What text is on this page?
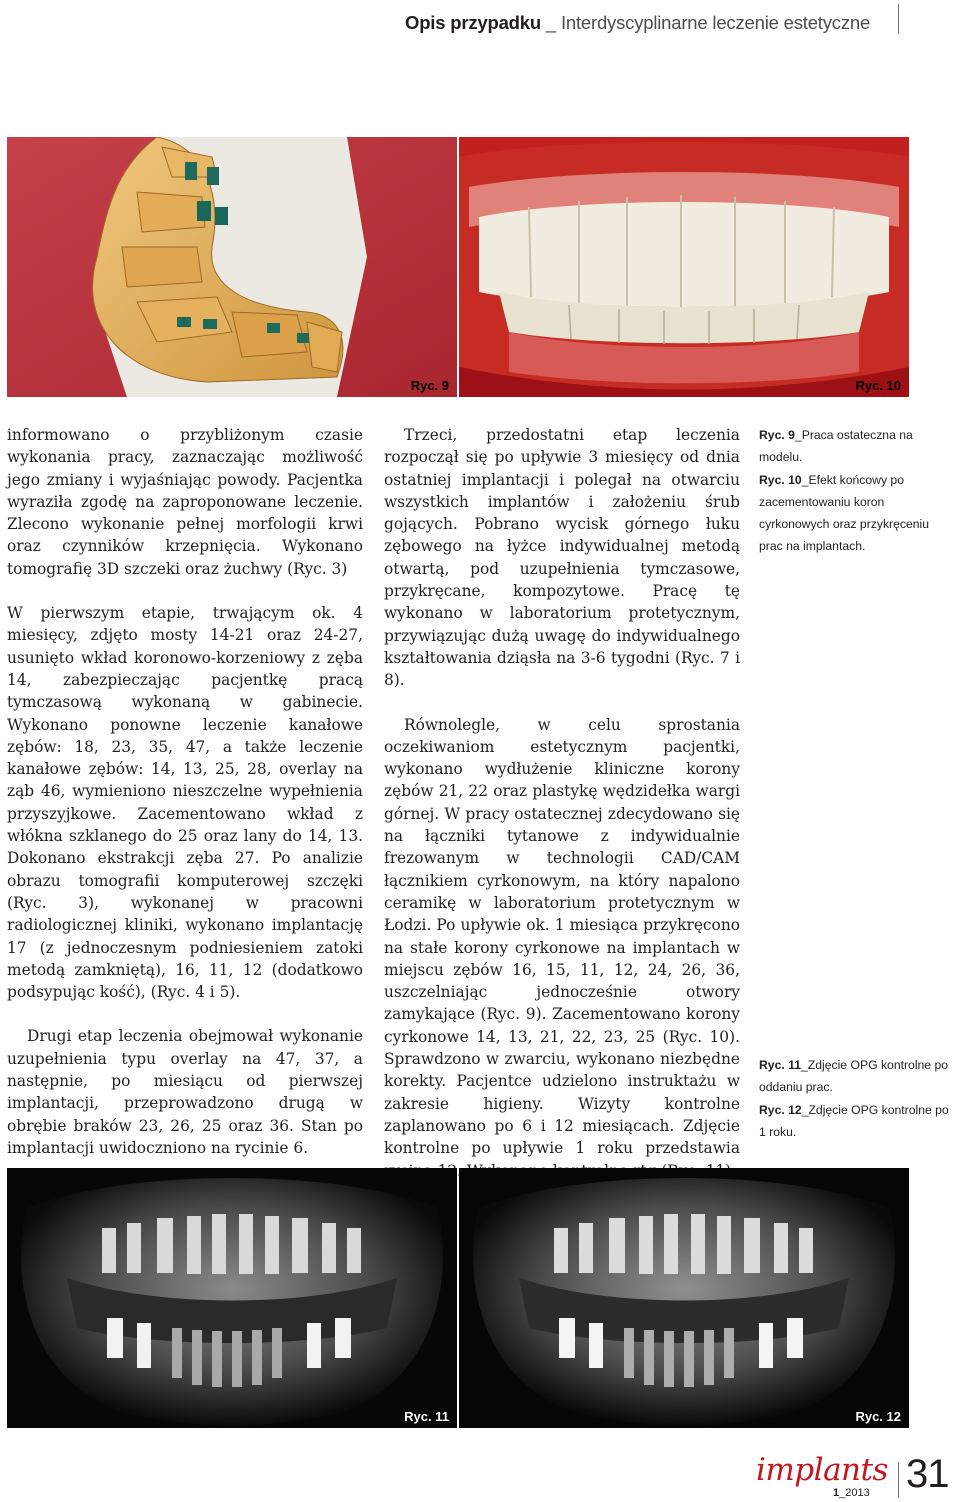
Opis przypadku _ Interdyscyplinarne leczenie estetyczne
Ryc. 9	Ryc. 10

informowano o przybliżonym czasie wykonania pracy, zaznaczając możliwość jego zmiany i wyjaśniając powody. Pacjentka wyraziła zgodę na zaproponowane leczenie. Zlecono wykonanie pełnej morfologii krwi oraz czynników krzepnięcia. Wykonano tomografię 3D szczeki oraz żuchwy (Ryc. 3)

W pierwszym etapie, trwającym ok. 4 miesięcy, zdjęto mosty 14-21 oraz 24-27, usunięto wkład koronowo-korzeniowy z zęba 14, zabezpieczając pacjentkę pracą tymczasową wykonaną w gabinecie. Wykonano ponowne leczenie kanałowe zębów: 18, 23, 35, 47, a także leczenie kanałowe zębów: 14, 13, 25, 28, overlay na ząb 46, wymieniono nieszczelne wypełnienia przyszyjkowe. Zacementowano wkład z włókna szklanego do 25 oraz lany do 14, 13. Dokonano ekstrakcji zęba 27. Po analizie obrazu tomografii komputerowej szczęki (Ryc. 3), wykonanej w pracowni radiologicznej kliniki, wykonano implantację 17 (z jednoczesnym podniesieniem zatoki metodą zamkniętą), 16, 11, 12 (dodatkowo podsypując kość), (Ryc. 4 i 5).

Drugi etap leczenia obejmował wykonanie uzupełnienia typu overlay na 47, 37, a następnie, po miesiącu od pierwszej implantacji, przeprowadzono drugą w obrębie braków 23, 26, 25 oraz 36. Stan po implantacji uwidoczniono na rycinie 6.

Trzeci, przedostatni etap leczenia rozpoczął się po upływie 3 miesięcy od dnia ostatniej implantacji i polegał na otwarciu wszystkich implantów i założeniu śrub gojących. Pobrano wycisk górnego łuku zębowego na łyżce indywidualnej metodą otwartą, pod uzupełnienia tymczasowe, przykręcane, kompozytowe. Pracę tę wykonano w laboratorium protetycznym, przywiązując dużą uwagę do indywidualnego kształtowania dziąsła na 3-6 tygodni (Ryc. 7 i 8).

Równolegle, w celu sprostania oczekiwaniom estetycznym pacjentki, wykonano wydłużenie kliniczne korony zębów 21, 22 oraz plastykę wędzidełka wargi górnej. W pracy ostatecznej zdecydowano się na łączniki tytanowe z indywidualnie frezowanym w technologii CAD/CAM łącznikiem cyrkonowym, na który napalono ceramikę w laboratorium protetycznym w Łodzi. Po upływie ok. 1 miesiąca przykręcono na stałe korony cyrkonowe na implantach w miejscu zębów 16, 15, 11, 12, 24, 26, 36, uszczelniając jednocześnie otwory zamykające (Ryc. 9). Zacementowano korony cyrkonowe 14, 13, 21, 22, 23, 25 (Ryc. 10). Sprawdzono w zwarciu, wykonano niezbędne korekty. Pacjentce udzielono instruktażu w zakresie higieny. Wizyty kontrolne zaplanowano po 6 i 12 miesiącach. Zdjęcie kontrolne po upływie 1 roku przedstawia

Ryc. 9_Praca ostateczna na modelu.
Ryc. 10_Efekt końcowy po zacementowaniu koron cyrkonowych oraz przykręceniu prac na implantach.
Ryc. 11_Zdjęcie OPG kontrolne po oddaniu prac.
Ryc. 12_Zdjęcie OPG kontrolne po 1 roku.
Ryc. 11	Ryc. 12
implants
1_2013 31
